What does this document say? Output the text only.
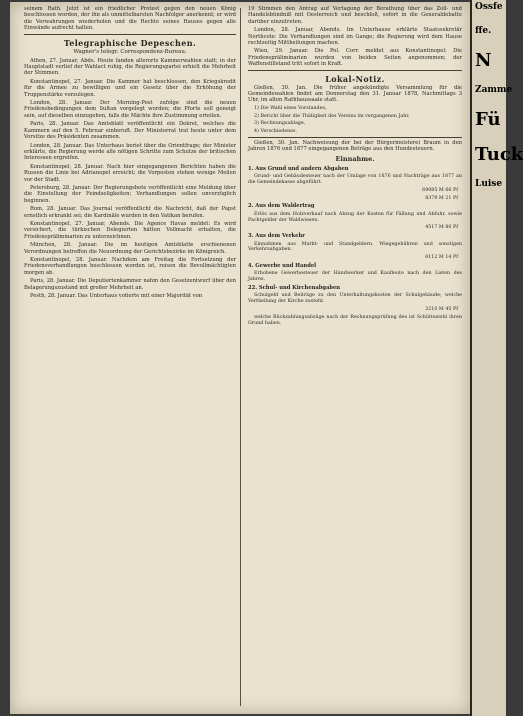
seinem Rath. Jetzt ist ein friedlicher Protest gegen den neuen König beschlossen worden, der ihn als unmittelbarsten Nachfolger anerkennt; er wird die Verwahrungen wiederholen und die Rechte seines Hauses gegen alle Einwände aufrecht halten.

Telegraphische Depeschen.
Wagner's telegr. Correspondenz-Bureau.

Athen, 27. Januar, Abds. Heute fanden allerorts Kammerwahlen statt; in der Hauptstadt verlief der Wahlact ruhig, die Regierungspartei erhielt die Mehrheit der Stimmen.

Konstantinopel, 27. Januar. Die Kammer hat beschlossen, den Kriegskredit für die Armee zu bewilligen und ein Gesetz über die Erhöhung der Truppenstärke vorzulegen.

London, 28. Januar. Der Morning-Post zufolge sind die neuen Friedensbedingungen dem Sultan vorgelegt worden; die Pforte soll geneigt sein, auf dieselben einzugehen, falls die Mächte ihre Zustimmung erteilen.

Paris, 28. Januar. Das Amtsblatt veröffentlicht ein Dekret, welches die Kammern auf den 5. Februar einberuft. Der Ministerrat trat heute unter dem Vorsitze des Präsidenten zusammen.

London, 28. Januar. Das Unterhaus beriet über die Orientfrage; der Minister erklärte, die Regierung werde alle nötigen Schritte zum Schutze der britischen Interessen ergreifen.

Konstantinopel, 28. Januar. Nach hier eingegangenen Berichten haben die Russen die Linie bei Adrianopel erreicht; die Vorposten stehen wenige Meilen vor der Stadt.

Petersburg, 28. Januar. Der Regierungsbote veröffentlicht eine Meldung über die Einstellung der Feindseligkeiten; Verhandlungen sollen unverzüglich beginnen.

Rom, 28. Januar. Das Journal veröffentlicht die Nachricht, daß der Papst ernstlich erkrankt sei; die Kardinäle wurden in den Vatikan berufen.

Konstantinopel, 27. Januar, Abends. Die Agence Havas meldet: Es wird versichert, die türkischen Delegierten hätten Vollmacht erhalten, die Friedenspräliminarien zu unterzeichnen.

München, 28. Januar. Die im heutigen Amtsblatte erschienenen Verordnungen betreffen die Neuordnung der Gerichtsbezirke im Königreich.

Konstantinopel, 28. Januar. Nachdem am Freitag die Fortsetzung der Friedensverhandlungen beschlossen worden ist, reisen die Bevollmächtigten morgen ab.

Paris, 28. Januar. Die Deputiertenkammer nahm den Gesetzentwurf über den Belagerungszustand mit großer Mehrheit an.

Pesth, 28. Januar. Das Unterhaus votierte mit einer Majorität von

19 Stimmen den Antrag auf Vertagung der Berathung über das Zoll- und Handelsbündniß mit Oesterreich und beschloß, sofort in die Generaldebatte darüber einzutreten.

London, 28. Januar, Abends. Im Unterhause erklärte Staatssekretär Northcote: Die Verhandlungen sind im Gange; die Regierung wird dem Hause rechtzeitig Mittheilungen machen.

Wien, 29. Januar. Die Pol. Corr. meldet aus Konstantinopel: Die Friedenspräliminarien wurden von beiden Seiten angenommen; der Waffenstillstand tritt sofort in Kraft.

Lokal-Notiz.

Gießen, 30. Jan. Die früher angekündigte Versammlung für die Gemeindewahlen findet am Donnerstag den 31. Januar 1878, Nachmittags 3 Uhr, im alten Rathhaussaale statt.

1) Die Wahl eines Vorstandes,

2) Bericht über die Thätigkeit des Vereins im vergangenen Jahr,

3) Rechnungsablage,

4) Verschiedenes.

Gießen, 30. Jan. Nachweisung der bei der Bürgermeisterei Braum in den Jahren 1876 und 1877 eingegangenen Beträge aus den Hundesteuern.

Einnahme.

1. Aus Grund und andern Abgaben

Grund- und Gebäudesteuer nach der Umlage von 1876 und Nachträge aus 1877 an die Gemeindekasse abgeführt.

69085 M 66 Pf

8379 M 21 Pf

2. Aus dem Waldertrag

Erlös aus dem Holzverkauf nach Abzug der Kosten für Fällung und Abfuhr, sowie Pachtgelder der Waldwiesen.

4517 M 80 Pf

3. Aus dem Verkehr

Einnahmen aus Markt- und Standgeldern, Wiegegebühren und sonstigen Verkehrsabgaben.

6112 M 14 Pf

4. Gewerbe und Handel

Erhobene Gewerbesteuer der Handwerker und Kaufleute nach den Listen des Jahres.

22. Schul- und Kirchenabgaben

Schulgeld und Beiträge zu den Unterhaltungskosten der Schulgebäude; welche Vertheilung der Kirche zusteht.

3210 M 45 Pf

welche Rückzahlungsabzüge nach der Rechnungsprüfung des ist Schüttezeihl ihren Grund haben.

Ossfe
ffe.
N
Zamme
Fü
Tuck
Luise
